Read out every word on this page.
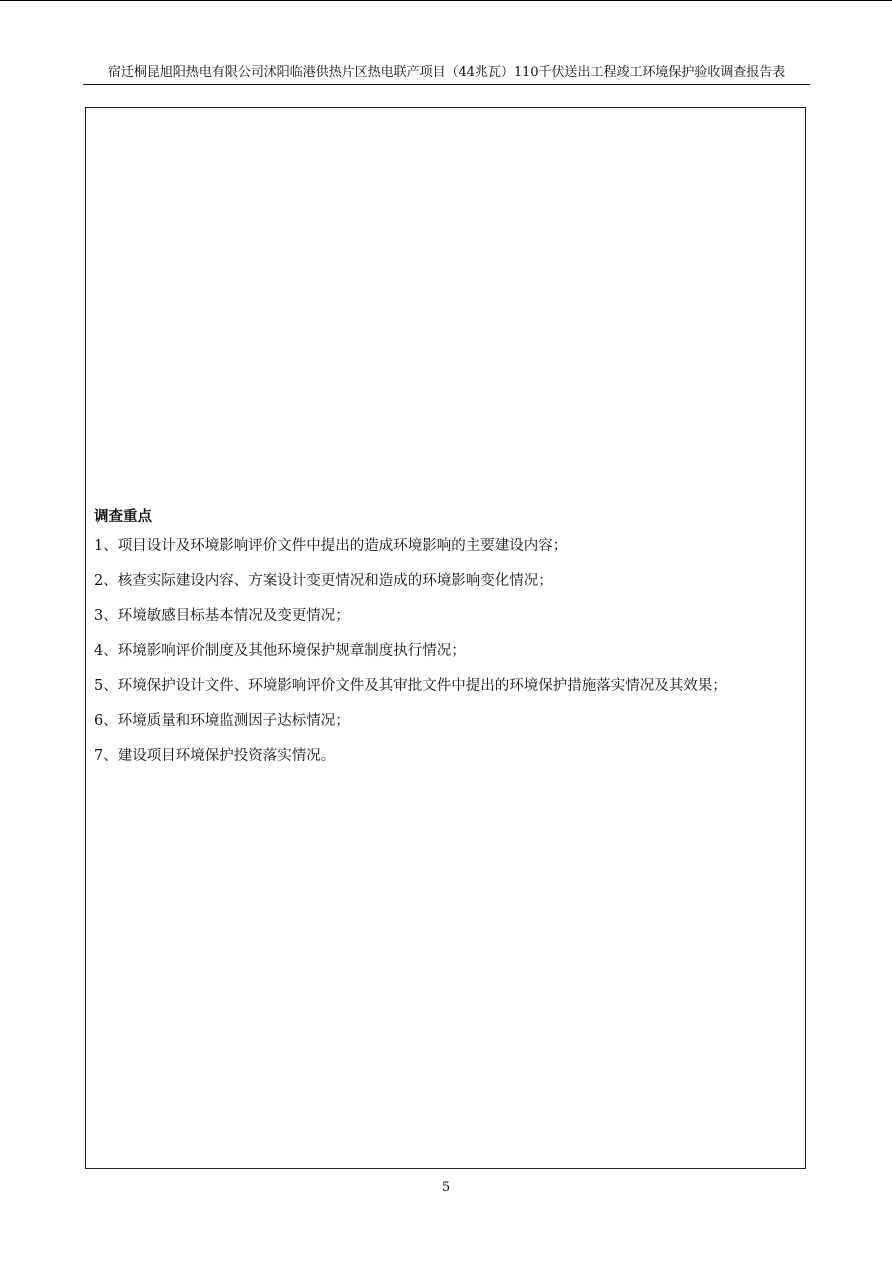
宿迁桐昆旭阳热电有限公司沭阳临港供热片区热电联产项目（44兆瓦）110千伏送出工程竣工环境保护验收调查报告表
调查重点
1、项目设计及环境影响评价文件中提出的造成环境影响的主要建设内容；
2、核查实际建设内容、方案设计变更情况和造成的环境影响变化情况；
3、环境敏感目标基本情况及变更情况；
4、环境影响评价制度及其他环境保护规章制度执行情况；
5、环境保护设计文件、环境影响评价文件及其审批文件中提出的环境保护措施落实情况及其效果；
6、环境质量和环境监测因子达标情况；
7、建设项目环境保护投资落实情况。
5
